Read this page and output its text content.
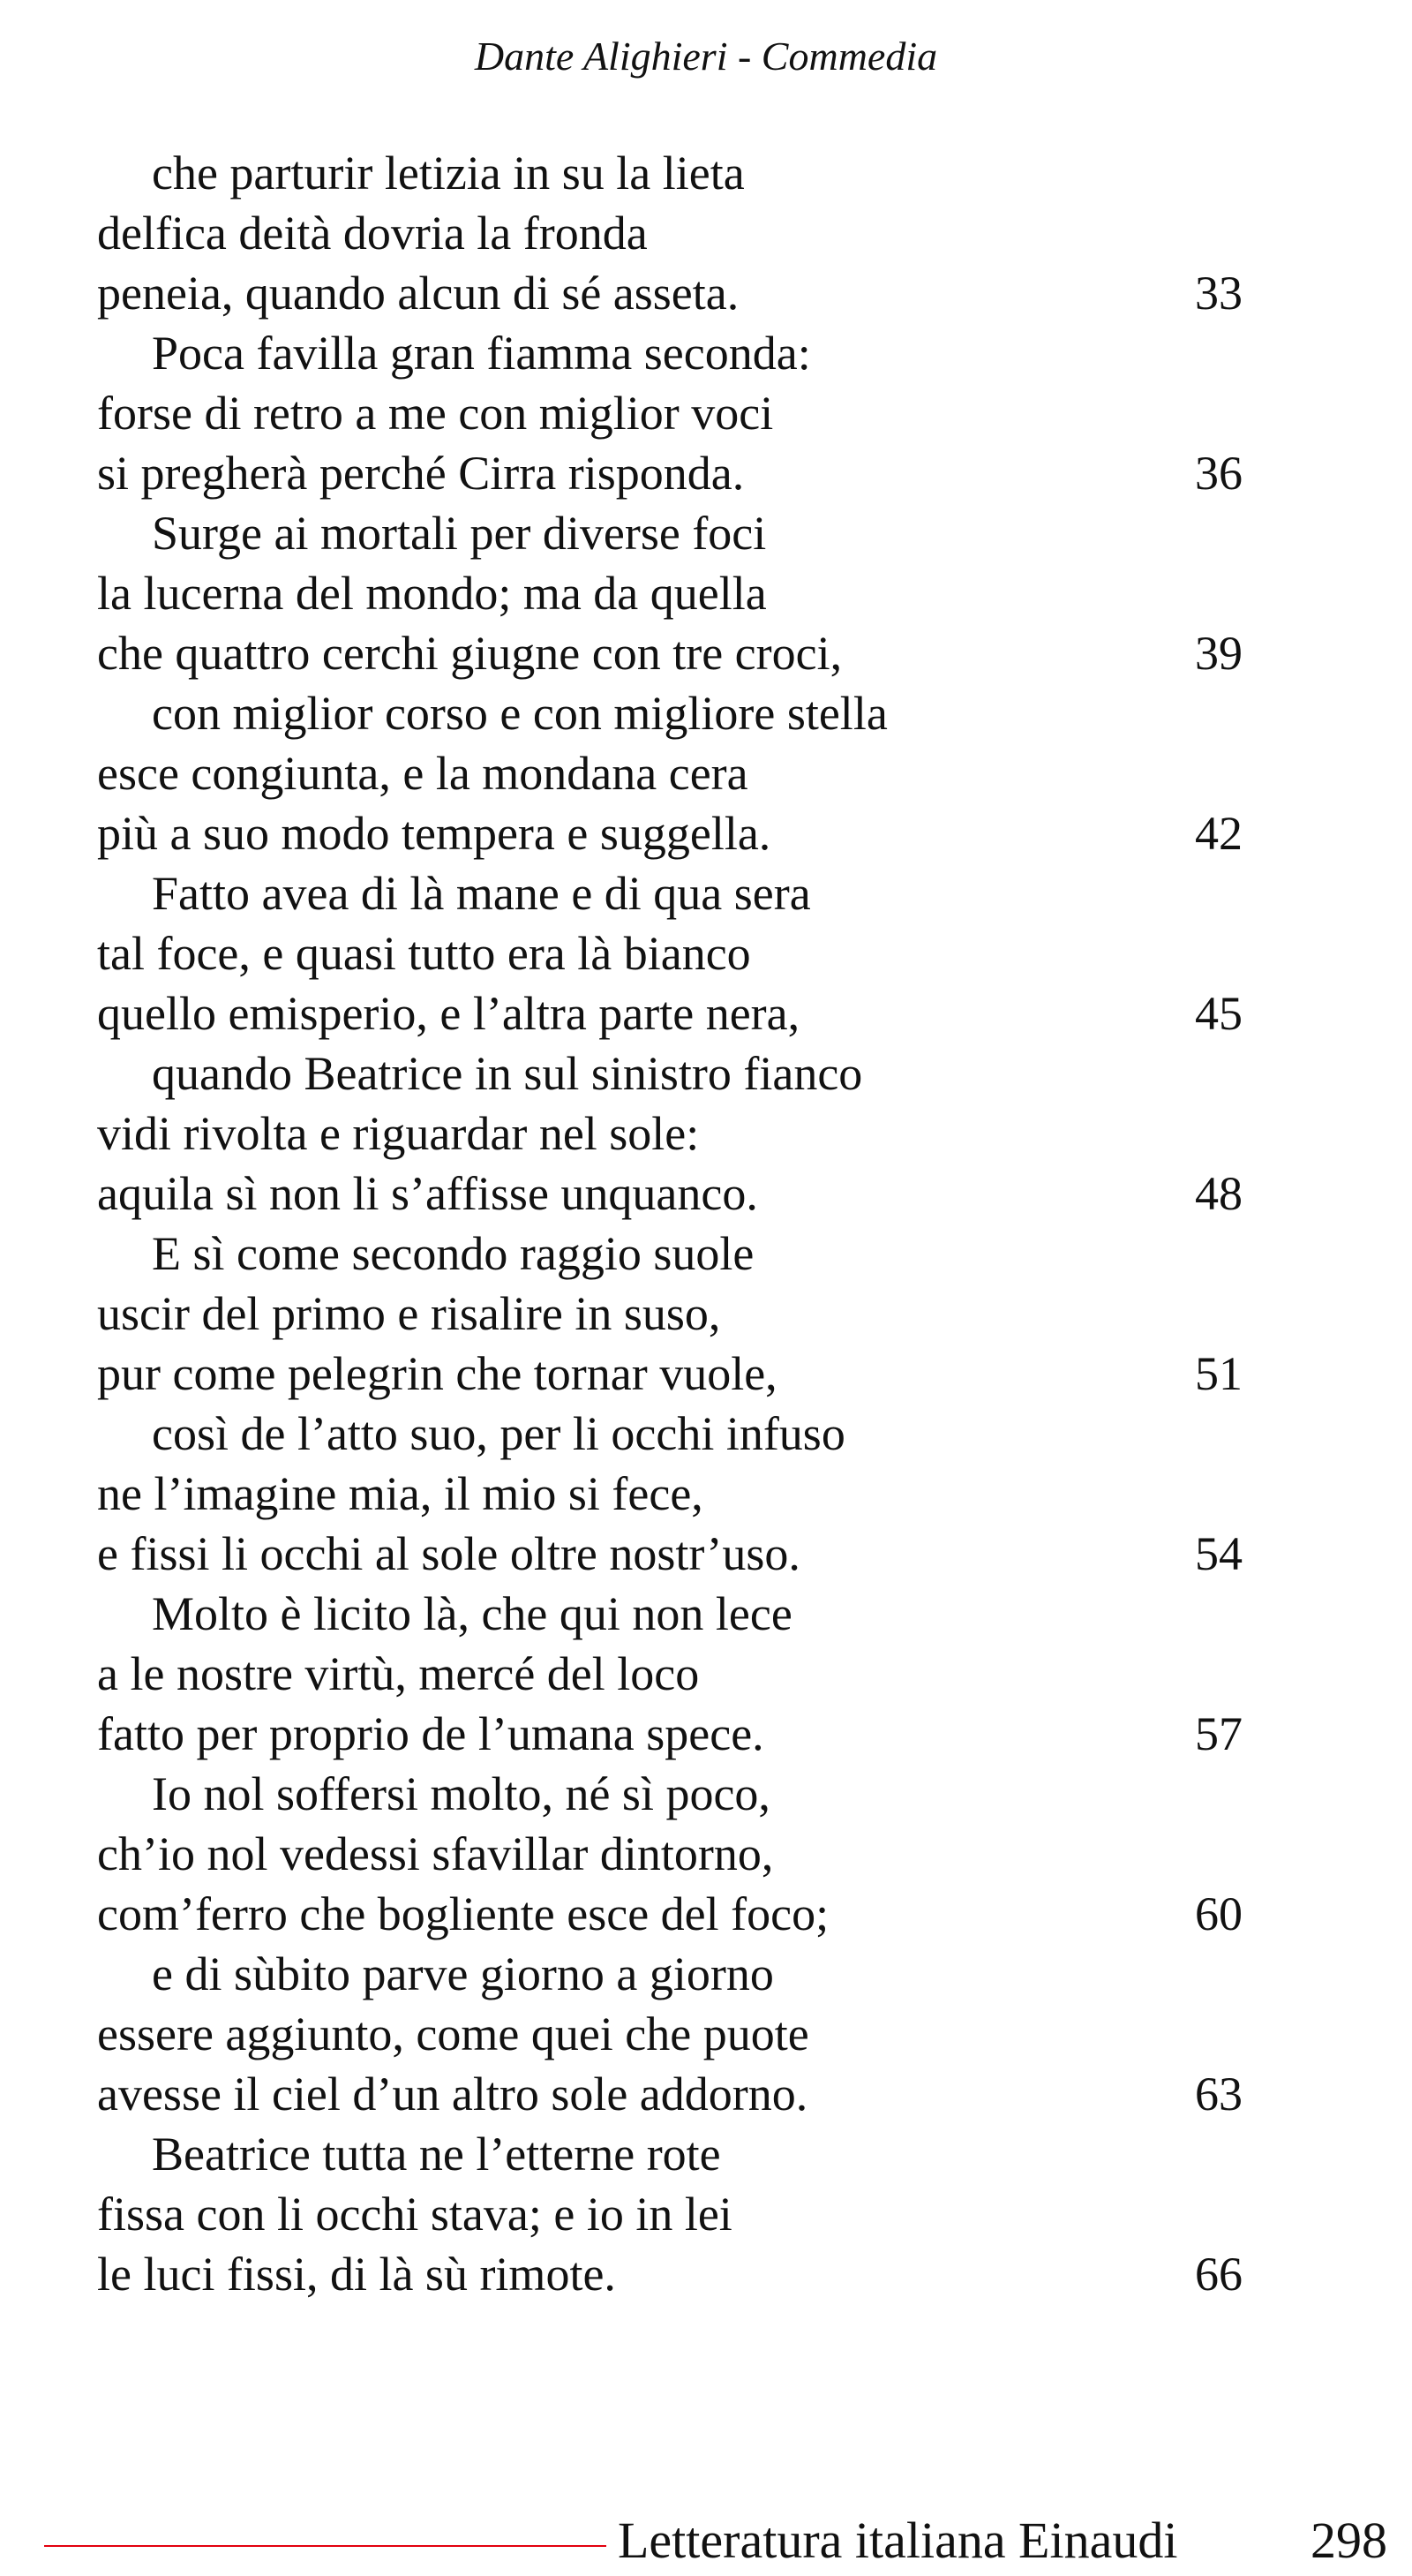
Dante Alighieri - Commedia
che parturir letizia in su la lieta
delfica deità dovria la fronda
peneia, quando alcun di sé asseta.	33
Poca favilla gran fiamma seconda:
forse di retro a me con miglior voci
si pregherà perché Cirra risponda.	36
Surge ai mortali per diverse foci
la lucerna del mondo; ma da quella
che quattro cerchi giugne con tre croci,	39
con miglior corso e con migliore stella
esce congiunta, e la mondana cera
più a suo modo tempera e suggella.	42
Fatto avea di là mane e di qua sera
tal foce, e quasi tutto era là bianco
quello emisperio, e l’altra parte nera,	45
quando Beatrice in sul sinistro fianco
vidi rivolta e riguardar nel sole:
aquila sì non li s’affisse unquanco.	48
E sì come secondo raggio suole
uscir del primo e risalire in suso,
pur come pelegrin che tornar vuole,	51
così de l’atto suo, per li occhi infuso
ne l’imagine mia, il mio si fece,
e fissi li occhi al sole oltre nostr’uso.	54
Molto è licito là, che qui non lece
a le nostre virtù, mercé del loco
fatto per proprio de l’umana spece.	57
Io nol soffersi molto, né sì poco,
ch’io nol vedessi sfavillar dintorno,
com’ferro che bogliente esce del foco;	60
e di sùbito parve giorno a giorno
essere aggiunto, come quei che puote
avesse il ciel d’un altro sole addorno.	63
Beatrice tutta ne l’etterne rote
fissa con li occhi stava; e io in lei
le luci fissi, di là sù rimote.	66
Letteratura italiana Einaudi	298
